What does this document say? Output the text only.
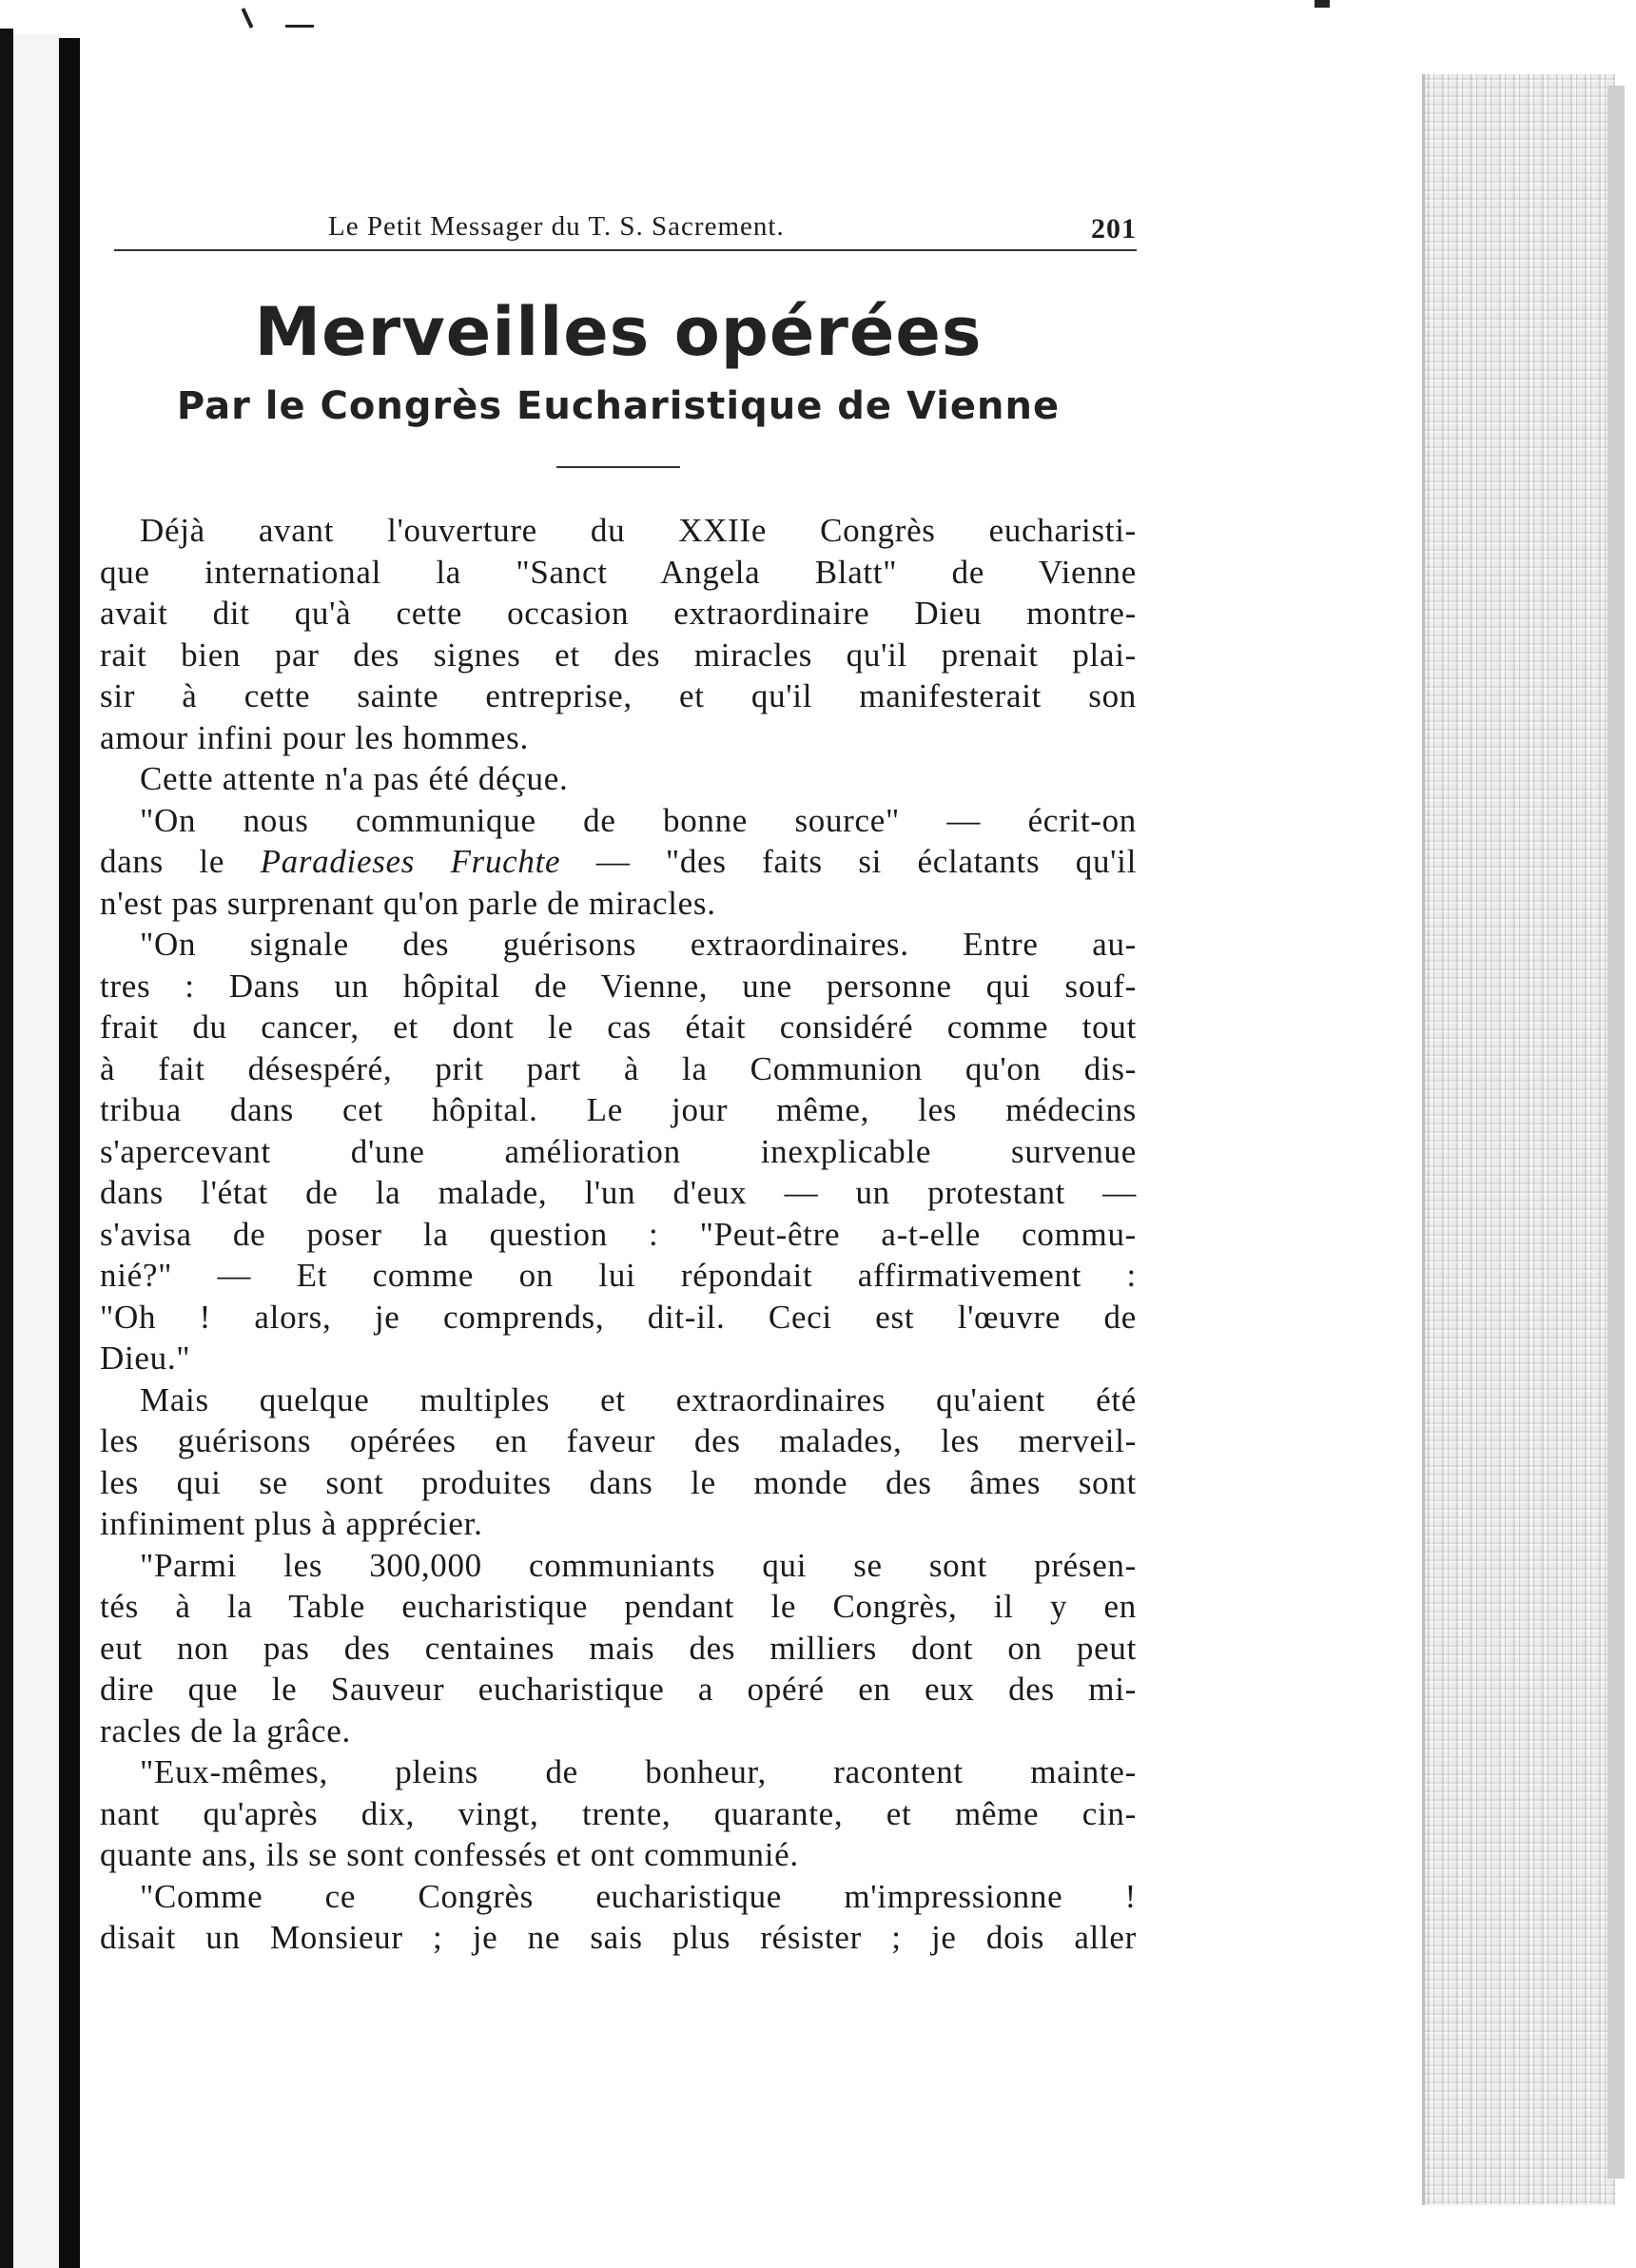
Le Petit Messager du T. S. Sacrement.	201
Merveilles opérées
Par le Congrès Eucharistique de Vienne
Déjà avant l'ouverture du XXIIe Congrès eucharisti-
que international la "Sanct Angela Blatt" de Vienne
avait dit qu'à cette occasion extraordinaire Dieu montre-
rait bien par des signes et des miracles qu'il prenait plai-
sir à cette sainte entreprise, et qu'il manifesterait son
amour infini pour les hommes.
Cette attente n'a pas été déçue.
"On nous communique de bonne source" — écrit-on
dans le Paradieses Fruchte — "des faits si éclatants qu'il
n'est pas surprenant qu'on parle de miracles.
"On signale des guérisons extraordinaires. Entre au-
tres : Dans un hôpital de Vienne, une personne qui souf-
frait du cancer, et dont le cas était considéré comme tout
à fait désespéré, prit part à la Communion qu'on dis-
tribua dans cet hôpital. Le jour même, les médecins
s'apercevant d'une amélioration inexplicable survenue
dans l'état de la malade, l'un d'eux — un protestant —
s'avisa de poser la question : "Peut-être a-t-elle commu-
nié?" — Et comme on lui répondait affirmativement :
"Oh ! alors, je comprends, dit-il. Ceci est l'œuvre de
Dieu."
Mais quelque multiples et extraordinaires qu'aient été
les guérisons opérées en faveur des malades, les merveil-
les qui se sont produites dans le monde des âmes sont
infiniment plus à apprécier.
"Parmi les 300,000 communiants qui se sont présen-
tés à la Table eucharistique pendant le Congrès, il y en
eut non pas des centaines mais des milliers dont on peut
dire que le Sauveur eucharistique a opéré en eux des mi-
racles de la grâce.
"Eux-mêmes, pleins de bonheur, racontent mainte-
nant qu'après dix, vingt, trente, quarante, et même cin-
quante ans, ils se sont confessés et ont communié.
"Comme ce Congrès eucharistique m'impressionne !
disait un Monsieur ; je ne sais plus résister ; je dois aller
